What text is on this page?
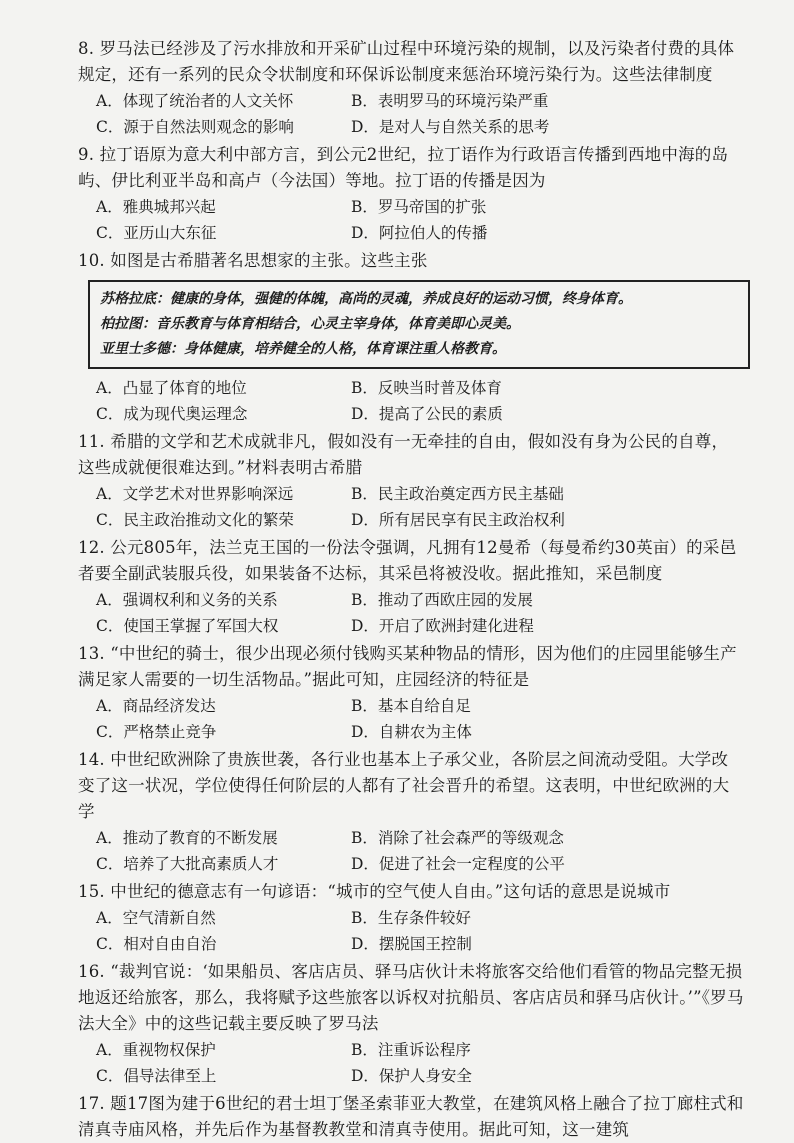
8. 罗马法已经涉及了污水排放和开采矿山过程中环境污染的规制，以及污染者付费的具体规定，还有一系列的民众令状制度和环保诉讼制度来惩治环境污染行为。这些法律制度
A．体现了统治者的人文关怀	B．表明罗马的环境污染严重
C．源于自然法则观念的影响	D．是对人与自然关系的思考
9. 拉丁语原为意大利中部方言，到公元2世纪，拉丁语作为行政语言传播到西地中海的岛屿、伊比利亚半岛和高卢（今法国）等地。拉丁语的传播是因为
A．雅典城邦兴起	B．罗马帝国的扩张
C．亚历山大东征	D．阿拉伯人的传播
10. 如图是古希腊著名思想家的主张。这些主张
苏格拉底：健康的身体，强健的体魄，高尚的灵魂，养成良好的运动习惯，终身体育。
柏拉图：音乐教育与体育相结合，心灵主宰身体，体育美即心灵美。
亚里士多德：身体健康，培养健全的人格，体育课注重人格教育。
A．凸显了体育的地位	B．反映当时普及体育
C．成为现代奥运理念	D．提高了公民的素质
11. 希腊的文学和艺术成就非凡，假如没有一无牵挂的自由，假如没有身为公民的自尊，这些成就便很难达到。”材料表明古希腊
A．文学艺术对世界影响深远	B．民主政治奠定西方民主基础
C．民主政治推动文化的繁荣	D．所有居民享有民主政治权利
12. 公元805年，法兰克王国的一份法令强调，凡拥有12曼希（每曼希约30英亩）的采邑者要全副武装服兵役，如果装备不达标，其采邑将被没收。据此推知，采邑制度
A．强调权利和义务的关系	B．推动了西欧庄园的发展
C．使国王掌握了军国大权	D．开启了欧洲封建化进程
13. “中世纪的骑士，很少出现必须付钱购买某种物品的情形，因为他们的庄园里能够生产满足家人需要的一切生活物品。”据此可知，庄园经济的特征是
A．商品经济发达	B．基本自给自足
C．严格禁止竞争	D．自耕农为主体
14. 中世纪欧洲除了贵族世袭，各行业也基本上子承父业，各阶层之间流动受阻。大学改变了这一状况，学位使得任何阶层的人都有了社会晋升的希望。这表明，中世纪欧洲的大学
A．推动了教育的不断发展	B．消除了社会森严的等级观念
C．培养了大批高素质人才	D．促进了社会一定程度的公平
15. 中世纪的德意志有一句谚语：“城市的空气使人自由。”这句话的意思是说城市
A．空气清新自然	B．生存条件较好
C．相对自由自治	D．摆脱国王控制
16. “裁判官说：‘如果船员、客店店员、驿马店伙计未将旅客交给他们看管的物品完整无损地返还给旅客，那么，我将赋予这些旅客以诉权对抗船员、客店店员和驿马店伙计。’”《罗马法大全》中的这些记载主要反映了罗马法
A．重视物权保护	B．注重诉讼程序
C．倡导法律至上	D．保护人身安全
17. 题17图为建于6世纪的君士坦丁堡圣索菲亚大教堂，在建筑风格上融合了拉丁廊柱式和清真寺庙风格，并先后作为基督教教堂和清真寺使用。据此可知，这一建筑
